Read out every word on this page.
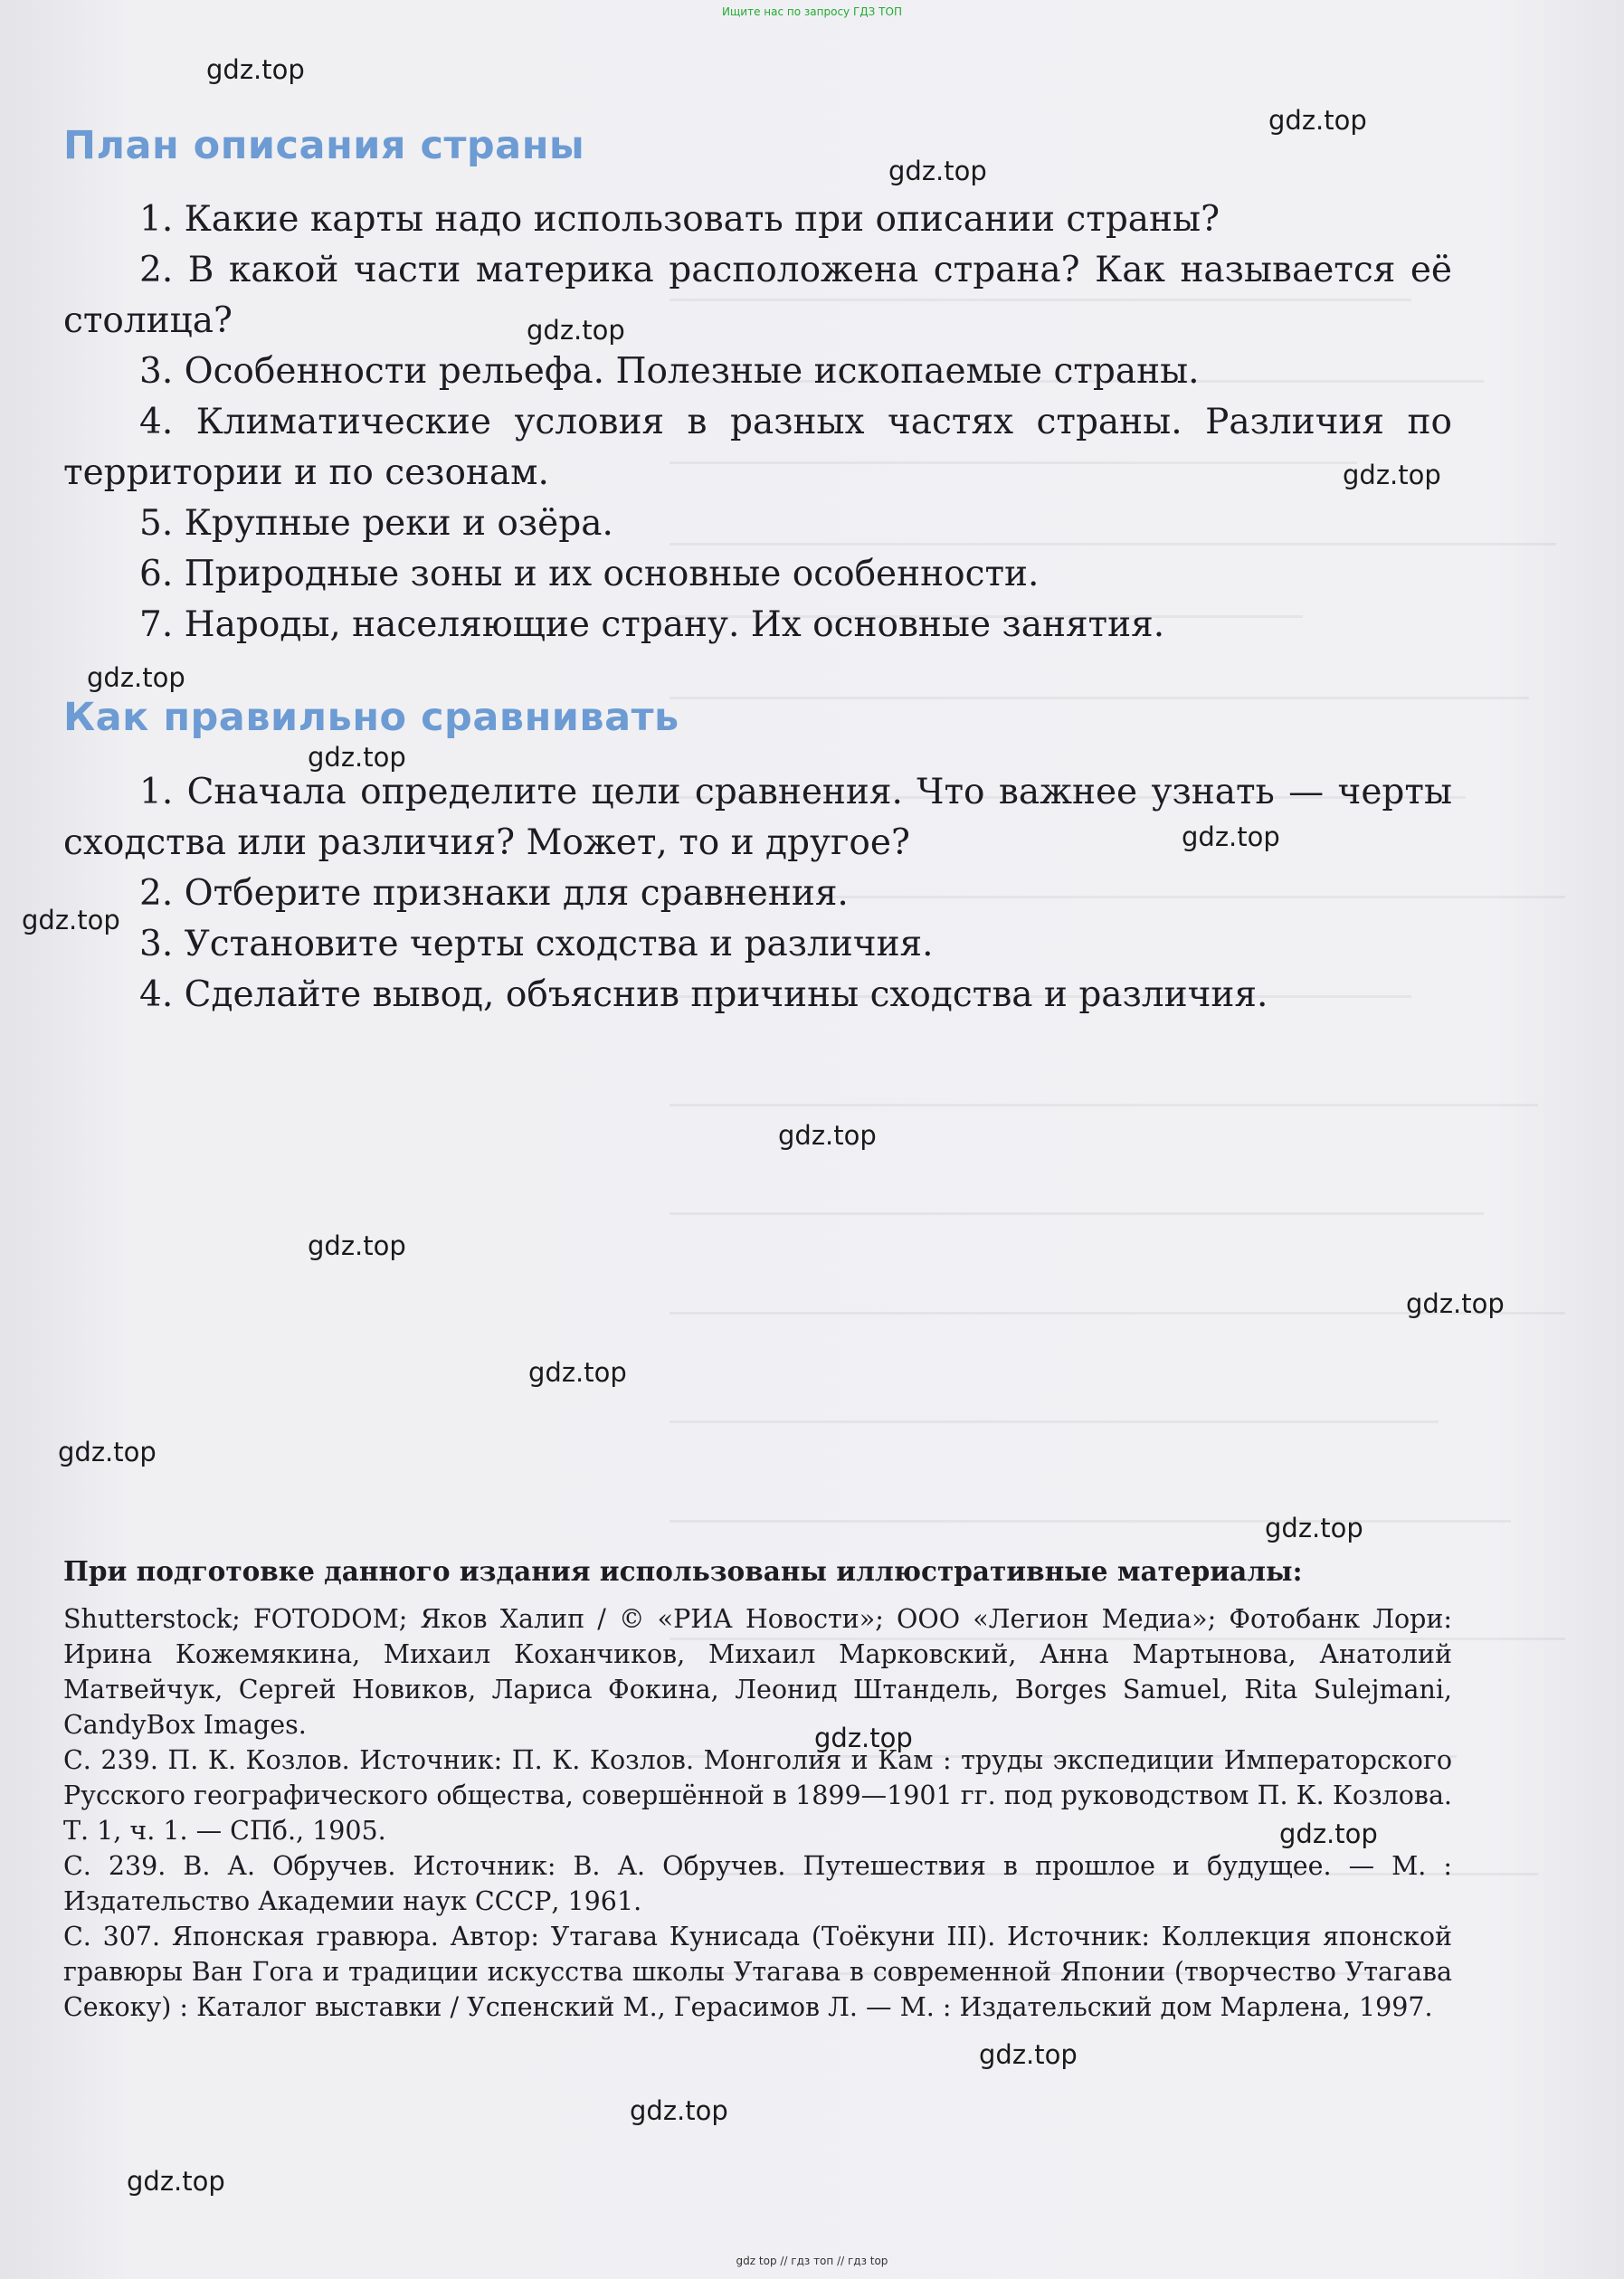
Ищите нас по запросу ГДЗ ТОП
План описания страны
1. Какие карты надо использовать при описании страны?
2. В какой части материка расположена страна? Как называется её столица?
3. Особенности рельефа. Полезные ископаемые страны.
4. Климатические условия в разных частях страны. Различия по территории и по сезонам.
5. Крупные реки и озёра.
6. Природные зоны и их основные особенности.
7. Народы, населяющие страну. Их основные занятия.
Как правильно сравнивать
1. Сначала определите цели сравнения. Что важнее узнать — черты сходства или различия? Может, то и другое?
2. Отберите признаки для сравнения.
3. Установите черты сходства и различия.
4. Сделайте вывод, объяснив причины сходства и различия.

При подготовке данного издания использованы иллюстративные материалы:

Shutterstock; FOTODOM; Яков Халип / © «РИА Новости»; ООО «Легион Медиа»; Фотобанк Лори: Ирина Кожемякина, Михаил Коханчиков, Михаил Марковский, Анна Мартынова, Анатолий Матвейчук, Сергей Новиков, Лариса Фокина, Леонид Штандель, Borges Samuel, Rita Sulejmani, CandyBox Images.

С. 239. П. К. Козлов. Источник: П. К. Козлов. Монголия и Кам : труды экспедиции Императорского Русского географического общества, совершённой в 1899—1901 гг. под руководством П. К. Козлова. Т. 1, ч. 1. — СПб., 1905.

С. 239. В. А. Обручев. Источник: В. А. Обручев. Путешествия в прошлое и будущее. — М. : Издательство Академии наук СССР, 1961.

С. 307. Японская гравюра. Автор: Утагава Кунисада (Тоёкуни III). Источник: Коллекция японской гравюры Ван Гога и традиции искусства школы Утагава в современной Японии (творчество Утагава Секоку) : Каталог выставки / Успенский М., Герасимов Л. — М. : Издательский дом Марлена, 1997.

gdz.top
gdz.top
gdz.top
gdz.top
gdz.top
gdz.top
gdz.top
gdz.top
gdz.top
gdz.top
gdz.top
gdz.top
gdz.top
gdz.top
gdz.top
gdz.top
gdz.top
gdz.top
gdz.top
gdz.top
gdz top // гдз топ // гдз top
